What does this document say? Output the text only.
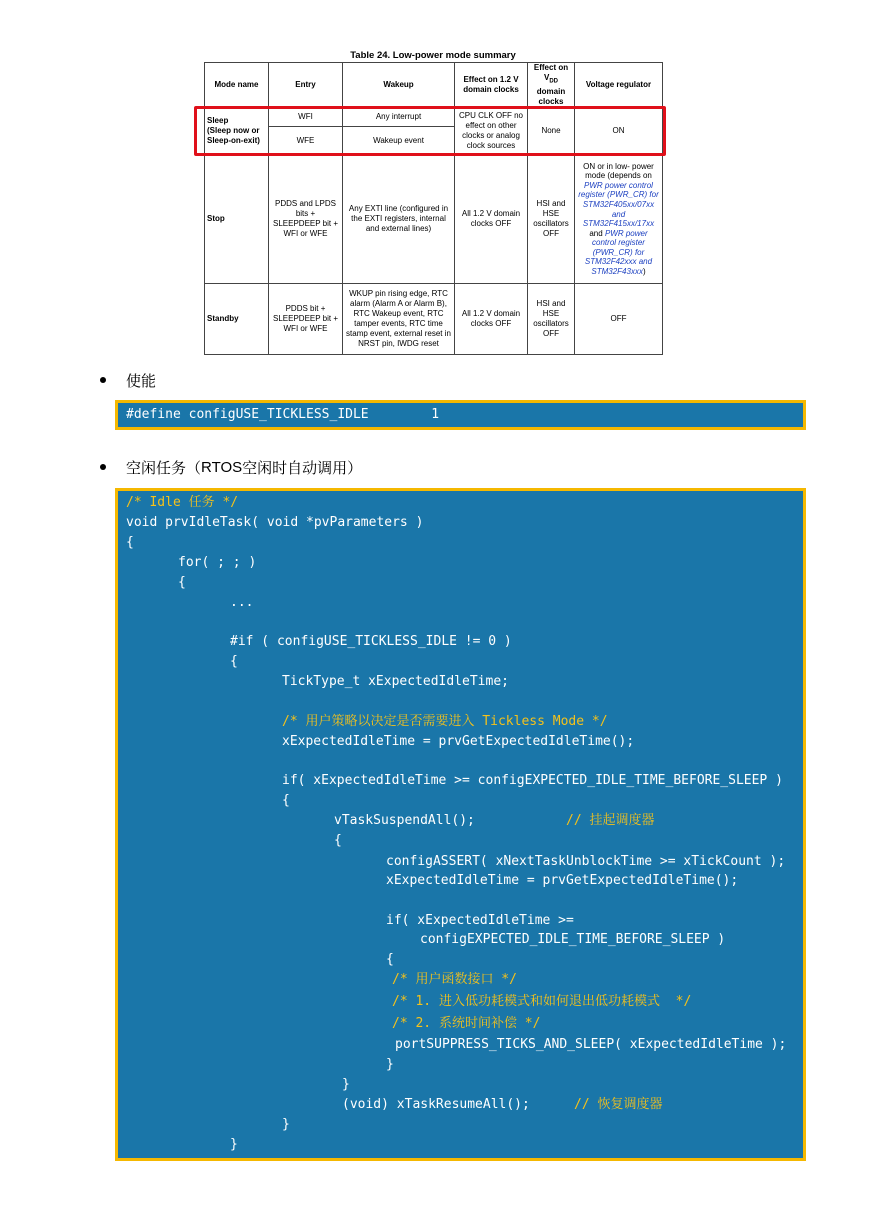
Table 24. Low-power mode summary
Mode name	Entry	Wakeup	Effect on 1.2 V domain clocks	Effect on $V_{DD}$ domain clocks	Voltage regulator
Sleep
(Sleep now or Sleep-on-exit)	WFI	Any interrupt	CPU CLK OFF no effect on other clocks or analog clock sources	None	ON
	WFE	Wakeup event			
Stop	PDDS and LPDS bits + SLEEPDEEP bit + WFI or WFE	Any EXTI line (configured in the EXTI registers, internal and external lines)	All 1.2 V domain clocks OFF	HSI and HSE oscillators OFF	ON or in low- power mode (depends on PWR power control register (PWR_CR) for STM32F405xx/07xx and STM32F415xx/17xx and PWR power control register (PWR_CR) for STM32F42xxx and STM32F43xxx)
Standby	PDDS bit + SLEEPDEEP bit + WFI or WFE	WKUP pin rising edge, RTC alarm (Alarm A or Alarm B), RTC Wakeup event, RTC tamper events, RTC time stamp event, external reset in NRST pin, IWDG reset	All 1.2 V domain clocks OFF	HSI and HSE oscillators OFF	OFF
使能
#define configUSE_TICKLESS_IDLE        1
空闲任务（ RTOS 空闲时自动调用）
/* Idle 任务 */
void prvIdleTask( void *pvParameters )
{
for( ; ; )
{
...
#if ( configUSE_TICKLESS_IDLE != 0 )
{
TickType_t xExpectedIdleTime;
/* 用户策略以决定是否需要进入 Tickless Mode */
xExpectedIdleTime = prvGetExpectedIdleTime();
if( xExpectedIdleTime >= configEXPECTED_IDLE_TIME_BEFORE_SLEEP )
{
vTaskSuspendAll();	// 挂起调度器
{
configASSERT( xNextTaskUnblockTime >= xTickCount );
xExpectedIdleTime = prvGetExpectedIdleTime();
if( xExpectedIdleTime >=
configEXPECTED_IDLE_TIME_BEFORE_SLEEP )
{
/* 用户函数接口 */
/* 1. 进入低功耗模式和如何退出低功耗模式  */
/* 2. 系统时间补偿 */
portSUPPRESS_TICKS_AND_SLEEP( xExpectedIdleTime );
}
}
(void) xTaskResumeAll();	// 恢复调度器
}
}
